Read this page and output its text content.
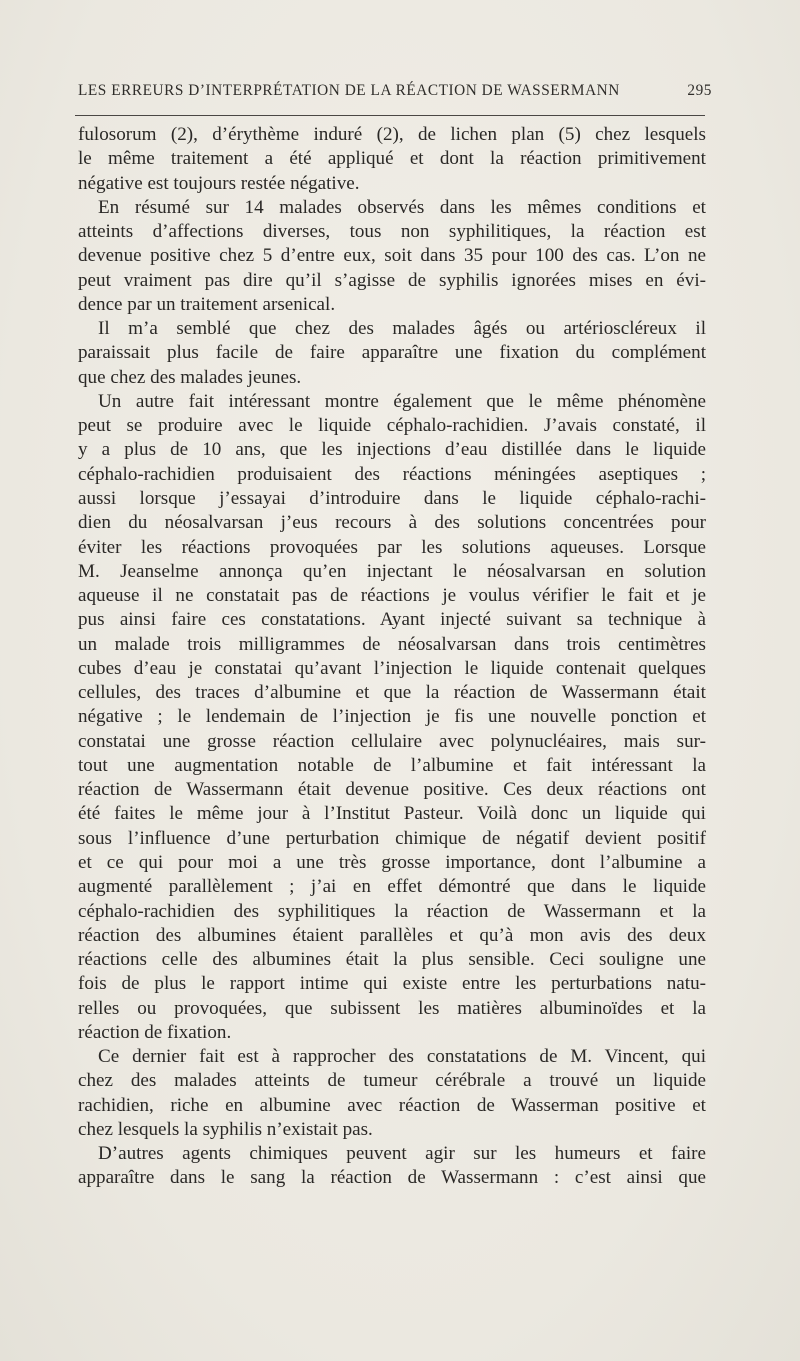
LES ERREURS D’INTERPRÉTATION DE LA RÉACTION DE WASSERMANN	295
fulosorum (2), d’érythème induré (2), de lichen plan (5) chez lesquels
le même traitement a été appliqué et dont la réaction primitivement
négative est toujours restée négative.
En résumé sur 14 malades observés dans les mêmes conditions et
atteints d’affections diverses, tous non syphilitiques, la réaction est
devenue positive chez 5 d’entre eux, soit dans 35 pour 100 des cas. L’on ne
peut vraiment pas dire qu’il s’agisse de syphilis ignorées mises en évi-
dence par un traitement arsenical.
Il m’a semblé que chez des malades âgés ou artérioscléreux il
paraissait plus facile de faire apparaître une fixation du complément
que chez des malades jeunes.
Un autre fait intéressant montre également que le même phénomène
peut se produire avec le liquide céphalo-rachidien. J’avais constaté, il
y a plus de 10 ans, que les injections d’eau distillée dans le liquide
céphalo-rachidien produisaient des réactions méningées aseptiques ;
aussi lorsque j’essayai d’introduire dans le liquide céphalo-rachi-
dien du néosalvarsan j’eus recours à des solutions concentrées pour
éviter les réactions provoquées par les solutions aqueuses. Lorsque
M. Jeanselme annonça qu’en injectant le néosalvarsan en solution
aqueuse il ne constatait pas de réactions je voulus vérifier le fait et je
pus ainsi faire ces constatations. Ayant injecté suivant sa technique à
un malade trois milligrammes de néosalvarsan dans trois centimètres
cubes d’eau je constatai qu’avant l’injection le liquide contenait quelques
cellules, des traces d’albumine et que la réaction de Wassermann était
négative ; le lendemain de l’injection je fis une nouvelle ponction et
constatai une grosse réaction cellulaire avec polynucléaires, mais sur-
tout une augmentation notable de l’albumine et fait intéressant la
réaction de Wassermann était devenue positive. Ces deux réactions ont
été faites le même jour à l’Institut Pasteur. Voilà donc un liquide qui
sous l’influence d’une perturbation chimique de négatif devient positif
et ce qui pour moi a une très grosse importance, dont l’albumine a
augmenté parallèlement ; j’ai en effet démontré que dans le liquide
céphalo-rachidien des syphilitiques la réaction de Wassermann et la
réaction des albumines étaient parallèles et qu’à mon avis des deux
réactions celle des albumines était la plus sensible. Ceci souligne une
fois de plus le rapport intime qui existe entre les perturbations natu-
relles ou provoquées, que subissent les matières albuminoïdes et la
réaction de fixation.
Ce dernier fait est à rapprocher des constatations de M. Vincent, qui
chez des malades atteints de tumeur cérébrale a trouvé un liquide
rachidien, riche en albumine avec réaction de Wasserman positive et
chez lesquels la syphilis n’existait pas.
D’autres agents chimiques peuvent agir sur les humeurs et faire
apparaître dans le sang la réaction de Wassermann : c’est ainsi que
